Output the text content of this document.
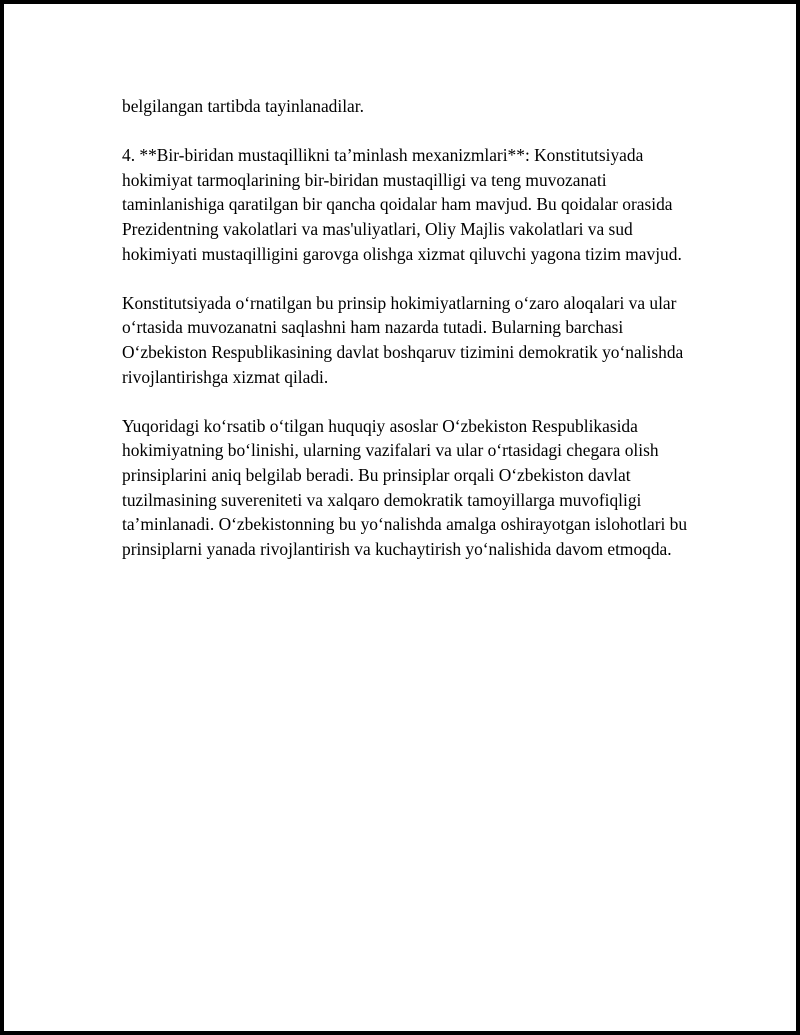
belgilangan tartibda tayinlanadilar.

4. **Bir-biridan mustaqillikni ta’minlash mexanizmlari**: Konstitutsiyada hokimiyat tarmoqlarining bir-biridan mustaqilligi va teng muvozanati taminlanishiga qaratilgan bir qancha qoidalar ham mavjud. Bu qoidalar orasida Prezidentning vakolatlari va mas'uliyatlari, Oliy Majlis vakolatlari va sud hokimiyati mustaqilligini garovga olishga xizmat qiluvchi yagona tizim mavjud.

Konstitutsiyada o‘rnatilgan bu prinsip hokimiyatlarning o‘zaro aloqalari va ular o‘rtasida muvozanatni saqlashni ham nazarda tutadi. Bularning barchasi O‘zbekiston Respublikasining davlat boshqaruv tizimini demokratik yo‘nalishda rivojlantirishga xizmat qiladi.

Yuqoridagi ko‘rsatib o‘tilgan huquqiy asoslar O‘zbekiston Respublikasida hokimiyatning bo‘linishi, ularning vazifalari va ular o‘rtasidagi chegara olish prinsiplarini aniq belgilab beradi. Bu prinsiplar orqali O‘zbekiston davlat tuzilmasining suvereniteti va xalqaro demokratik tamoyillarga muvofiqligi ta’minlanadi. O‘zbekistonning bu yo‘nalishda amalga oshirayotgan islohotlari bu prinsiplarni yanada rivojlantirish va kuchaytirish yo‘nalishida davom etmoqda.
